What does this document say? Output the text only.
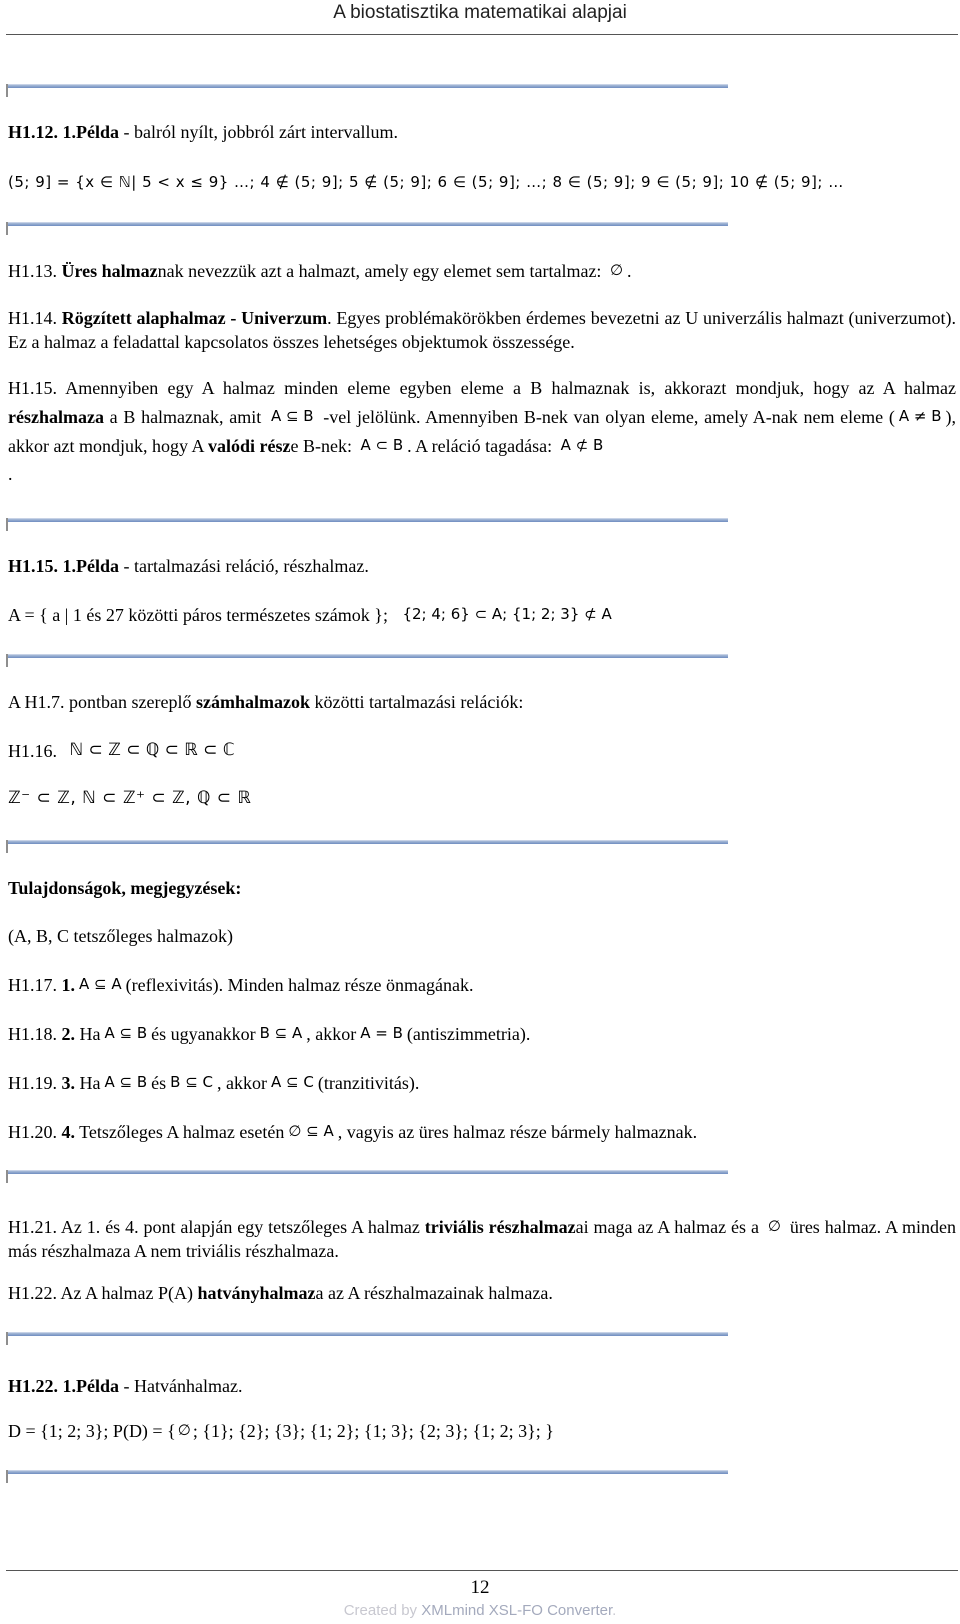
A biostatisztika matematikai alapjai
H1.12. 1.Példa - balról nyílt, jobbról zárt intervallum.
(5; 9] = {x ∈ ℕ| 5 < x ≤ 9} …; 4 ∉ (5; 9]; 5 ∉ (5; 9]; 6 ∈ (5; 9]; …; 8 ∈ (5; 9]; 9 ∈ (5; 9]; 10 ∉ (5; 9]; …
H1.13. Üres halmaznak nevezzük azt a halmazt, amely egy elemet sem tartalmaz: ∅ .
H1.14. Rögzített alaphalmaz - Univerzum. Egyes problémakörökben érdemes bevezetni az U univerzális halmazt (univerzumot). Ez a halmaz a feladattal kapcsolatos összes lehetséges objektumok összessége.
H1.15. Amennyiben egy A halmaz minden eleme egyben eleme a B halmaznak is, akkorazt mondjuk, hogy az A halmaz részhalmaza a B halmaznak, amit A ⊆ B -vel jelölünk. Amennyiben B-nek van olyan eleme, amely A-nak nem eleme ( A ≠ B ), akkor azt mondjuk, hogy A valódi része B-nek: A ⊂ B . A reláció tagadása: A ⊄ B
.
H1.15. 1.Példa - tartalmazási reláció, részhalmaz.
A = { a | 1 és 27 közötti páros természetes számok }; {2; 4; 6} ⊂ A; {1; 2; 3} ⊄ A
A H1.7. pontban szereplő számhalmazok közötti tartalmazási relációk:
H1.16. ℕ ⊂ ℤ ⊂ ℚ ⊂ ℝ ⊂ ℂ
ℤ⁻ ⊂ ℤ, ℕ ⊂ ℤ⁺ ⊂ ℤ, ℚ ⊂ ℝ
Tulajdonságok, megjegyzések:
(A, B, C tetszőleges halmazok)
H1.17. 1. A ⊆ A (reflexivitás). Minden halmaz része önmagának.
H1.18. 2. Ha A ⊆ B és ugyanakkor B ⊆ A , akkor A = B (antiszimmetria).
H1.19. 3. Ha A ⊆ B és B ⊆ C , akkor A ⊆ C (tranzitivitás).
H1.20. 4. Tetszőleges A halmaz esetén ∅ ⊆ A , vagyis az üres halmaz része bármely halmaznak.
H1.21. Az 1. és 4. pont alapján egy tetszőleges A halmaz triviális részhalmazai maga az A halmaz és a ∅ üres halmaz. A minden más részhalmaza A nem triviális részhalmaza.
H1.22. Az A halmaz P(A) hatványhalmaza az A részhalmazainak halmaza.
H1.22. 1.Példa - Hatvánhalmaz.
D = {1; 2; 3}; P(D) = { ∅ ; {1}; {2}; {3}; {1; 2}; {1; 3}; {2; 3}; {1; 2; 3}; }
12
Created by XMLmind XSL-FO Converter.
